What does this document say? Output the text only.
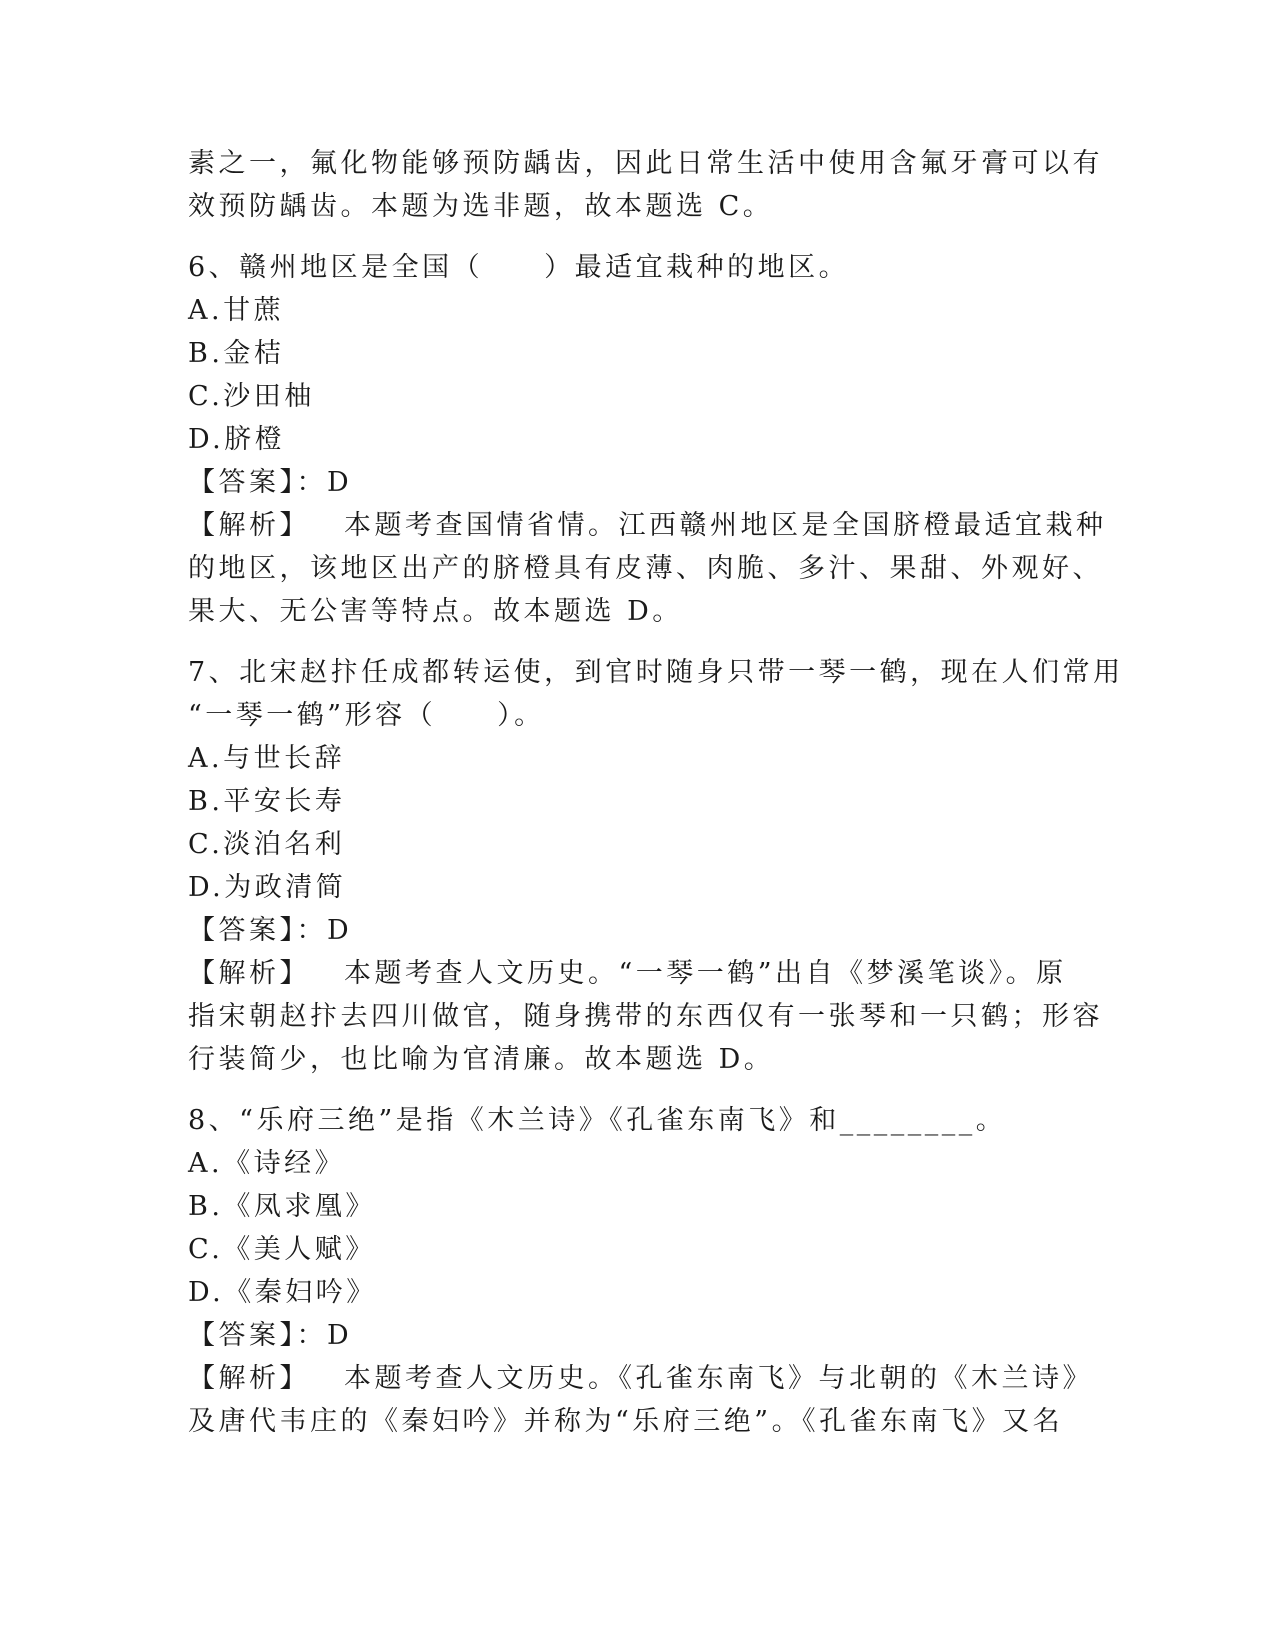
素之一，氟化物能够预防龋齿，因此日常生活中使用含氟牙膏可以有
效预防龋齿。本题为选非题，故本题选 C。
6、赣州地区是全国（　　）最适宜栽种的地区。
A.甘蔗
B.金桔
C.沙田柚
D.脐橙
【答案】：D
【解析】 本题考查国情省情。江西赣州地区是全国脐橙最适宜栽种
的地区，该地区出产的脐橙具有皮薄、肉脆、多汁、果甜、外观好、
果大、无公害等特点。故本题选 D。
7、北宋赵抃任成都转运使，到官时随身只带一琴一鹤，现在人们常用
“一琴一鹤”形容（　　）。
A.与世长辞
B.平安长寿
C.淡泊名利
D.为政清简
【答案】：D
【解析】 本题考查人文历史。“一琴一鹤”出自《梦溪笔谈》。原
指宋朝赵抃去四川做官，随身携带的东西仅有一张琴和一只鹤；形容
行装简少，也比喻为官清廉。故本题选 D。
8、“乐府三绝”是指《木兰诗》《孔雀东南飞》和________。
A.《诗经》
B.《凤求凰》
C.《美人赋》
D.《秦妇吟》
【答案】：D
【解析】 本题考查人文历史。《孔雀东南飞》与北朝的《木兰诗》
及唐代韦庄的《秦妇吟》并称为“乐府三绝”。《孔雀东南飞》又名
